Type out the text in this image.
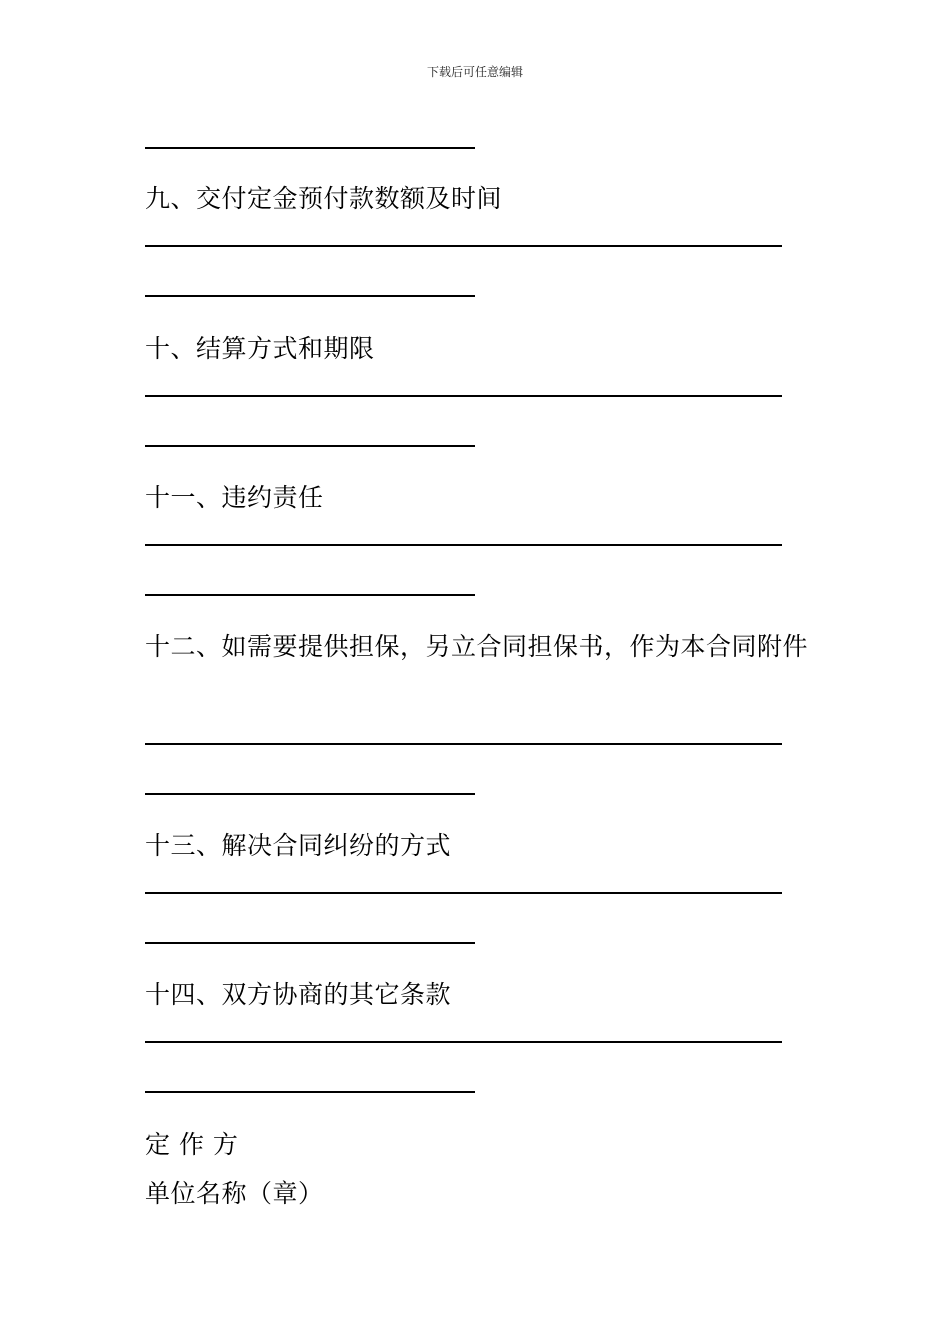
下载后可任意编辑
九、交付定金预付款数额及时间
十、结算方式和期限
十一、违约责任
十二、如需要提供担保，另立合同担保书，作为本合同附件
十三、解决合同纠纷的方式
十四、双方协商的其它条款
定 作 方
单位名称（章）
